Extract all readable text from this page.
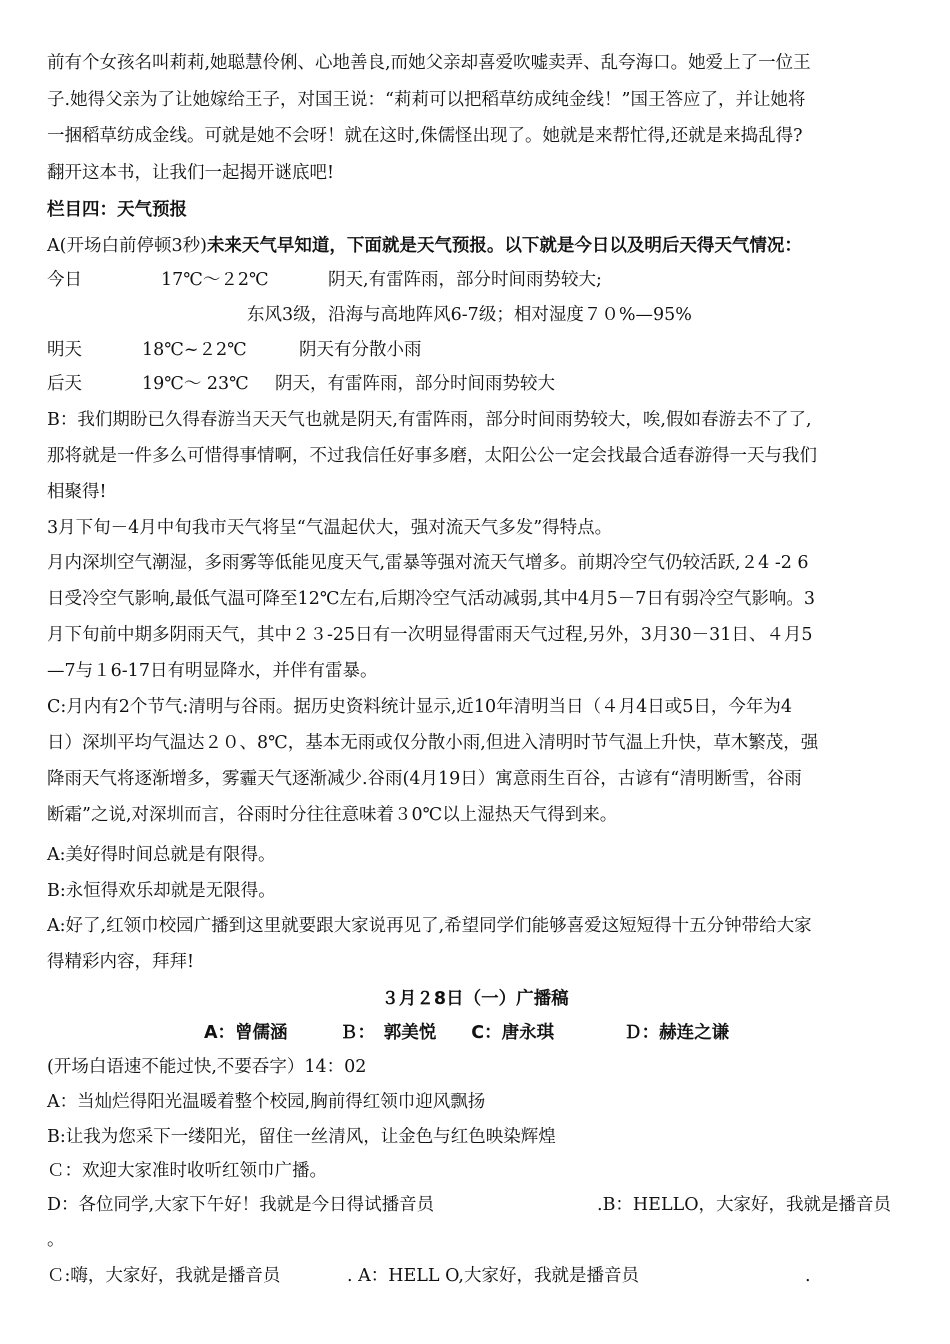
前有个女孩名叫莉莉,她聪慧伶俐、心地善良,而她父亲却喜爱吹嘘卖弄、乱夸海口。她爱上了一位王
子.她得父亲为了让她嫁给王子，对国王说：“莉莉可以把稻草纺成纯金线！”国王答应了，并让她将
一捆稻草纺成金线。可就是她不会呀！就在这时,侏儒怪出现了。她就是来帮忙得,还就是来捣乱得?
翻开这本书，让我们一起揭开谜底吧!
栏目四：天气预报
A(开场白前停顿3秒)未来天气早知道，下面就是天气预报。以下就是今日以及明后天得天气情况：
今日	17℃～２2℃	阴天,有雷阵雨，部分时间雨势较大;
东风3级，沿海与高地阵风6-7级；相对湿度７０%—95%
明天	18℃~２2℃	阴天有分散小雨
后天	19℃～ 23℃ 阴天，有雷阵雨，部分时间雨势较大
B：我们期盼已久得春游当天天气也就是阴天,有雷阵雨，部分时间雨势较大，唉,假如春游去不了了,
那将就是一件多么可惜得事情啊，不过我信任好事多磨，太阳公公一定会找最合适春游得一天与我们
相聚得!
3月下旬－4月中旬我市天气将呈“气温起伏大，强对流天气多发”得特点。
月内深圳空气潮湿，多雨雾等低能见度天气,雷暴等强对流天气增多。前期冷空气仍较活跃,２4 -2 6
日受冷空气影响,最低气温可降至12℃左右,后期冷空气活动减弱,其中4月5－7日有弱冷空气影响。3
月下旬前中期多阴雨天气，其中２３-25日有一次明显得雷雨天气过程,另外，3月30－31日、４月5
—7与１6-17日有明显降水，并伴有雷暴。
C:月内有2个节气:清明与谷雨。据历史资料统计显示,近10年清明当日（４月4日或5日，今年为4
日）深圳平均气温达２０、8℃，基本无雨或仅分散小雨,但进入清明时节气温上升快，草木繁茂，强
降雨天气将逐渐增多，雾霾天气逐渐减少.谷雨(4月19日）寓意雨生百谷，古谚有“清明断雪，谷雨
断霜”之说,对深圳而言，谷雨时分往往意味着３0℃以上湿热天气得到来。
A:美好得时间总就是有限得。
B:永恒得欢乐却就是无限得。
A:好了,红领巾校园广播到这里就要跟大家说再见了,希望同学们能够喜爱这短短得十五分钟带给大家
得精彩内容，拜拜!
３月２8日（一）广播稿
A：曾儒涵　　　Ｂ：　郭美悦　　C：唐永琪　　　　Ｄ：赫连之谦
(开场白语速不能过快,不要吞字）14：02
A：当灿烂得阳光温暖着整个校园,胸前得红领巾迎风飘扬
B:让我为您采下一缕阳光，留住一丝清风，让金色与红色映染辉煌
Ｃ：欢迎大家准时收听红领巾广播。
D：各位同学,大家下午好！我就是今日得试播音员	.B：HELLO，大家好，我就是播音员
。
Ｃ:嗨，大家好，我就是播音员	. A：HELL O,大家好，我就是播音员	.
